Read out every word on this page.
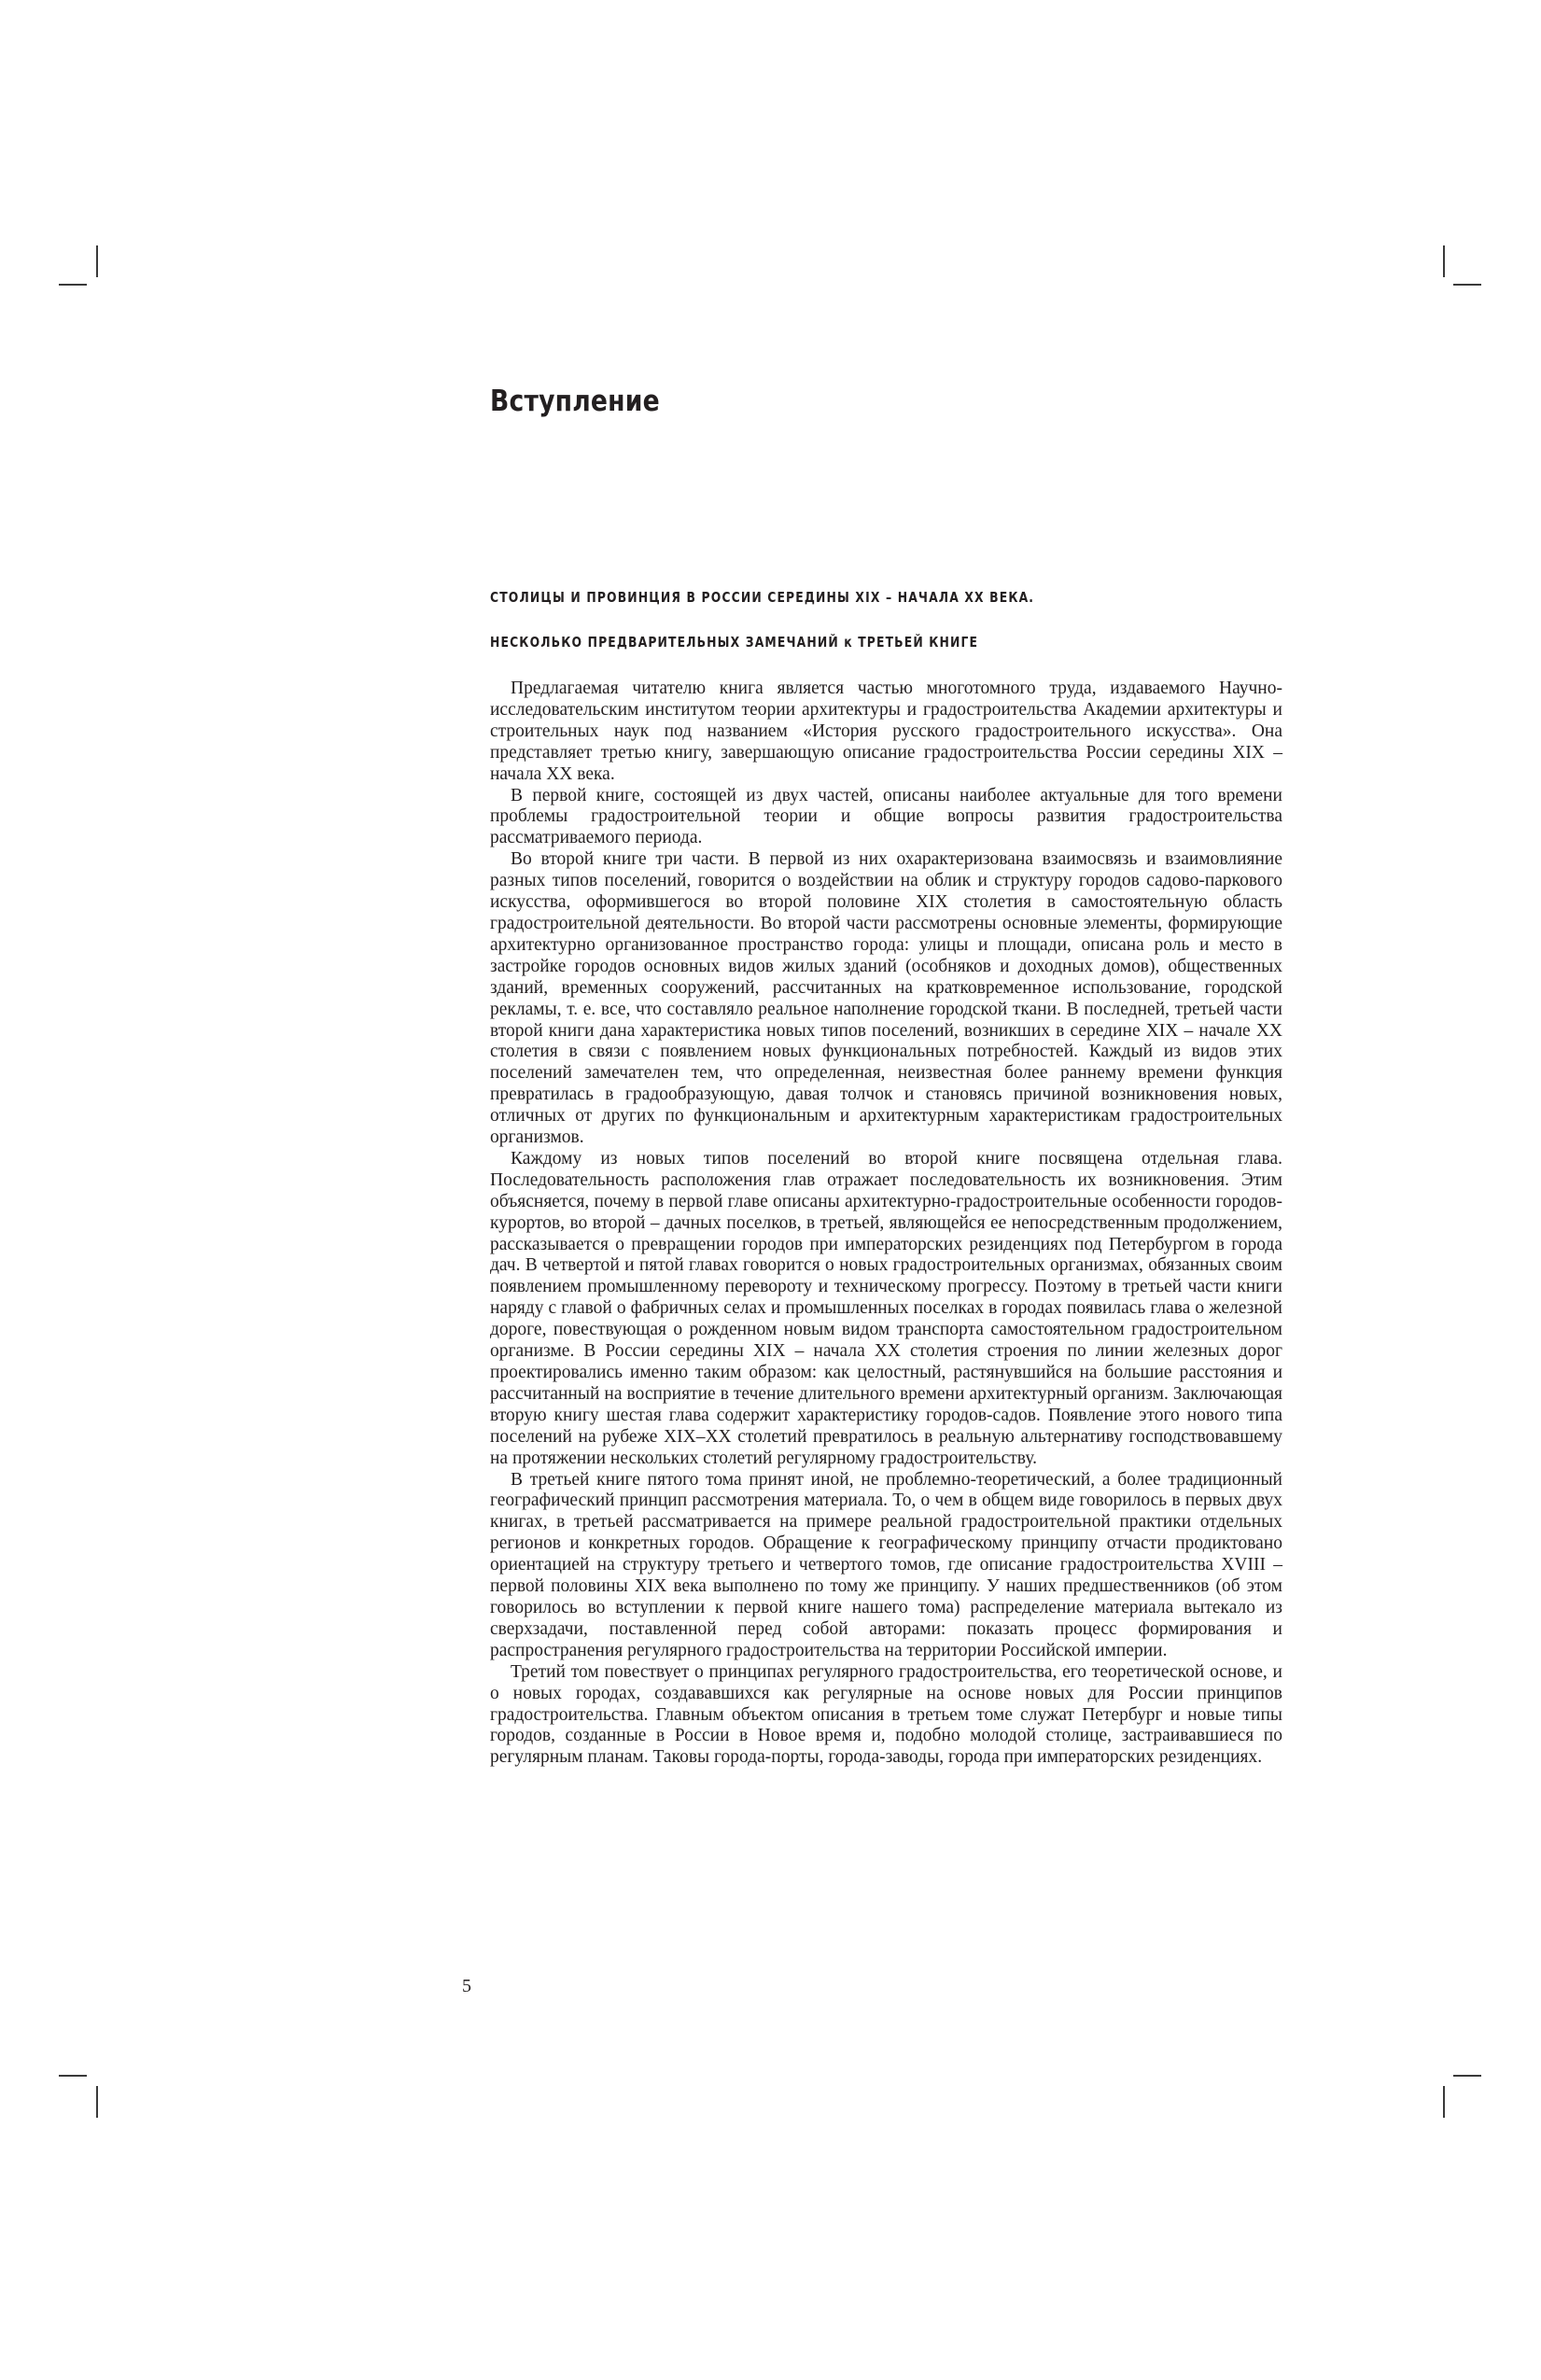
Вступление
СТОЛИЦЫ И ПРОВИНЦИЯ В РОССИИ СЕРЕДИНЫ XIX – НАЧАЛА XX ВЕКА.
НЕСКОЛЬКО ПРЕДВАРИТЕЛЬНЫХ ЗАМЕЧАНИЙ к ТРЕТЬЕЙ КНИГЕ

Предлагаемая читателю книга является частью многотомного труда, издаваемого Научно-исследовательским институтом теории архитектуры и градостроительства Академии архитектуры и строительных наук под названием «История русского градостроительного искусства». Она представляет третью книгу, завершающую описание градостроительства России середины XIX – начала XX века.

В первой книге, состоящей из двух частей, описаны наиболее актуальные для того времени проблемы градостроительной теории и общие вопросы развития градостроительства рассматриваемого периода.

Во второй книге три части. В первой из них охарактеризована взаимосвязь и взаимовлияние разных типов поселений, говорится о воздействии на облик и структуру городов садово-паркового искусства, оформившегося во второй половине XIX столетия в самостоятельную область градостроительной деятельности. Во второй части рассмотрены основные элементы, формирующие архитектурно организованное пространство города: улицы и площади, описана роль и место в застройке городов основных видов жилых зданий (особняков и доходных домов), общественных зданий, временных сооружений, рассчитанных на кратковременное использование, городской рекламы, т. е. все, что составляло реальное наполнение городской ткани. В последней, третьей части второй книги дана характеристика новых типов поселений, возникших в середине XIX – начале XX столетия в связи с появлением новых функциональных потребностей. Каждый из видов этих поселений замечателен тем, что определенная, неизвестная более раннему времени функция превратилась в градообразующую, давая толчок и становясь причиной возникновения новых, отличных от других по функциональным и архитектурным характеристикам градостроительных организмов.

Каждому из новых типов поселений во второй книге посвящена отдельная глава. Последовательность расположения глав отражает последовательность их возникновения. Этим объясняется, почему в первой главе описаны архитектурно-градостроительные особенности городов-курортов, во второй – дачных поселков, в третьей, являющейся ее непосредственным продолжением, рассказывается о превращении городов при императорских резиденциях под Петербургом в города дач. В четвертой и пятой главах говорится о новых градостроительных организмах, обязанных своим появлением промышленному перевороту и техническому прогрессу. Поэтому в третьей части книги наряду с главой о фабричных селах и промышленных поселках в городах появилась глава о железной дороге, повествующая о рожденном новым видом транспорта самостоятельном градостроительном организме. В России середины XIX – начала XX столетия строения по линии железных дорог проектировались именно таким образом: как целостный, растянувшийся на большие расстояния и рассчитанный на восприятие в течение длительного времени архитектурный организм. Заключающая вторую книгу шестая глава содержит характеристику городов-садов. Появление этого нового типа поселений на рубеже XIX–XX столетий превратилось в реальную альтернативу господствовавшему на протяжении нескольких столетий регулярному градостроительству.

В третьей книге пятого тома принят иной, не проблемно-теоретический, а более традиционный географический принцип рассмотрения материала. То, о чем в общем виде говорилось в первых двух книгах, в третьей рассматривается на примере реальной градостроительной практики отдельных регионов и конкретных городов. Обращение к географическому принципу отчасти продиктовано ориентацией на структуру третьего и четвертого томов, где описание градостроительства XVIII – первой половины XIX века выполнено по тому же принципу. У наших предшественников (об этом говорилось во вступлении к первой книге нашего тома) распределение материала вытекало из сверхзадачи, поставленной перед собой авторами: показать процесс формирования и распространения регулярного градостроительства на территории Российской империи.

Третий том повествует о принципах регулярного градостроительства, его теоретической основе, и о новых городах, создававшихся как регулярные на основе новых для России принципов градостроительства. Главным объектом описания в третьем томе служат Петербург и новые типы городов, созданные в России в Новое время и, подобно молодой столице, застраивавшиеся по регулярным планам. Таковы города-порты, города-заводы, города при императорских резиденциях.

5
